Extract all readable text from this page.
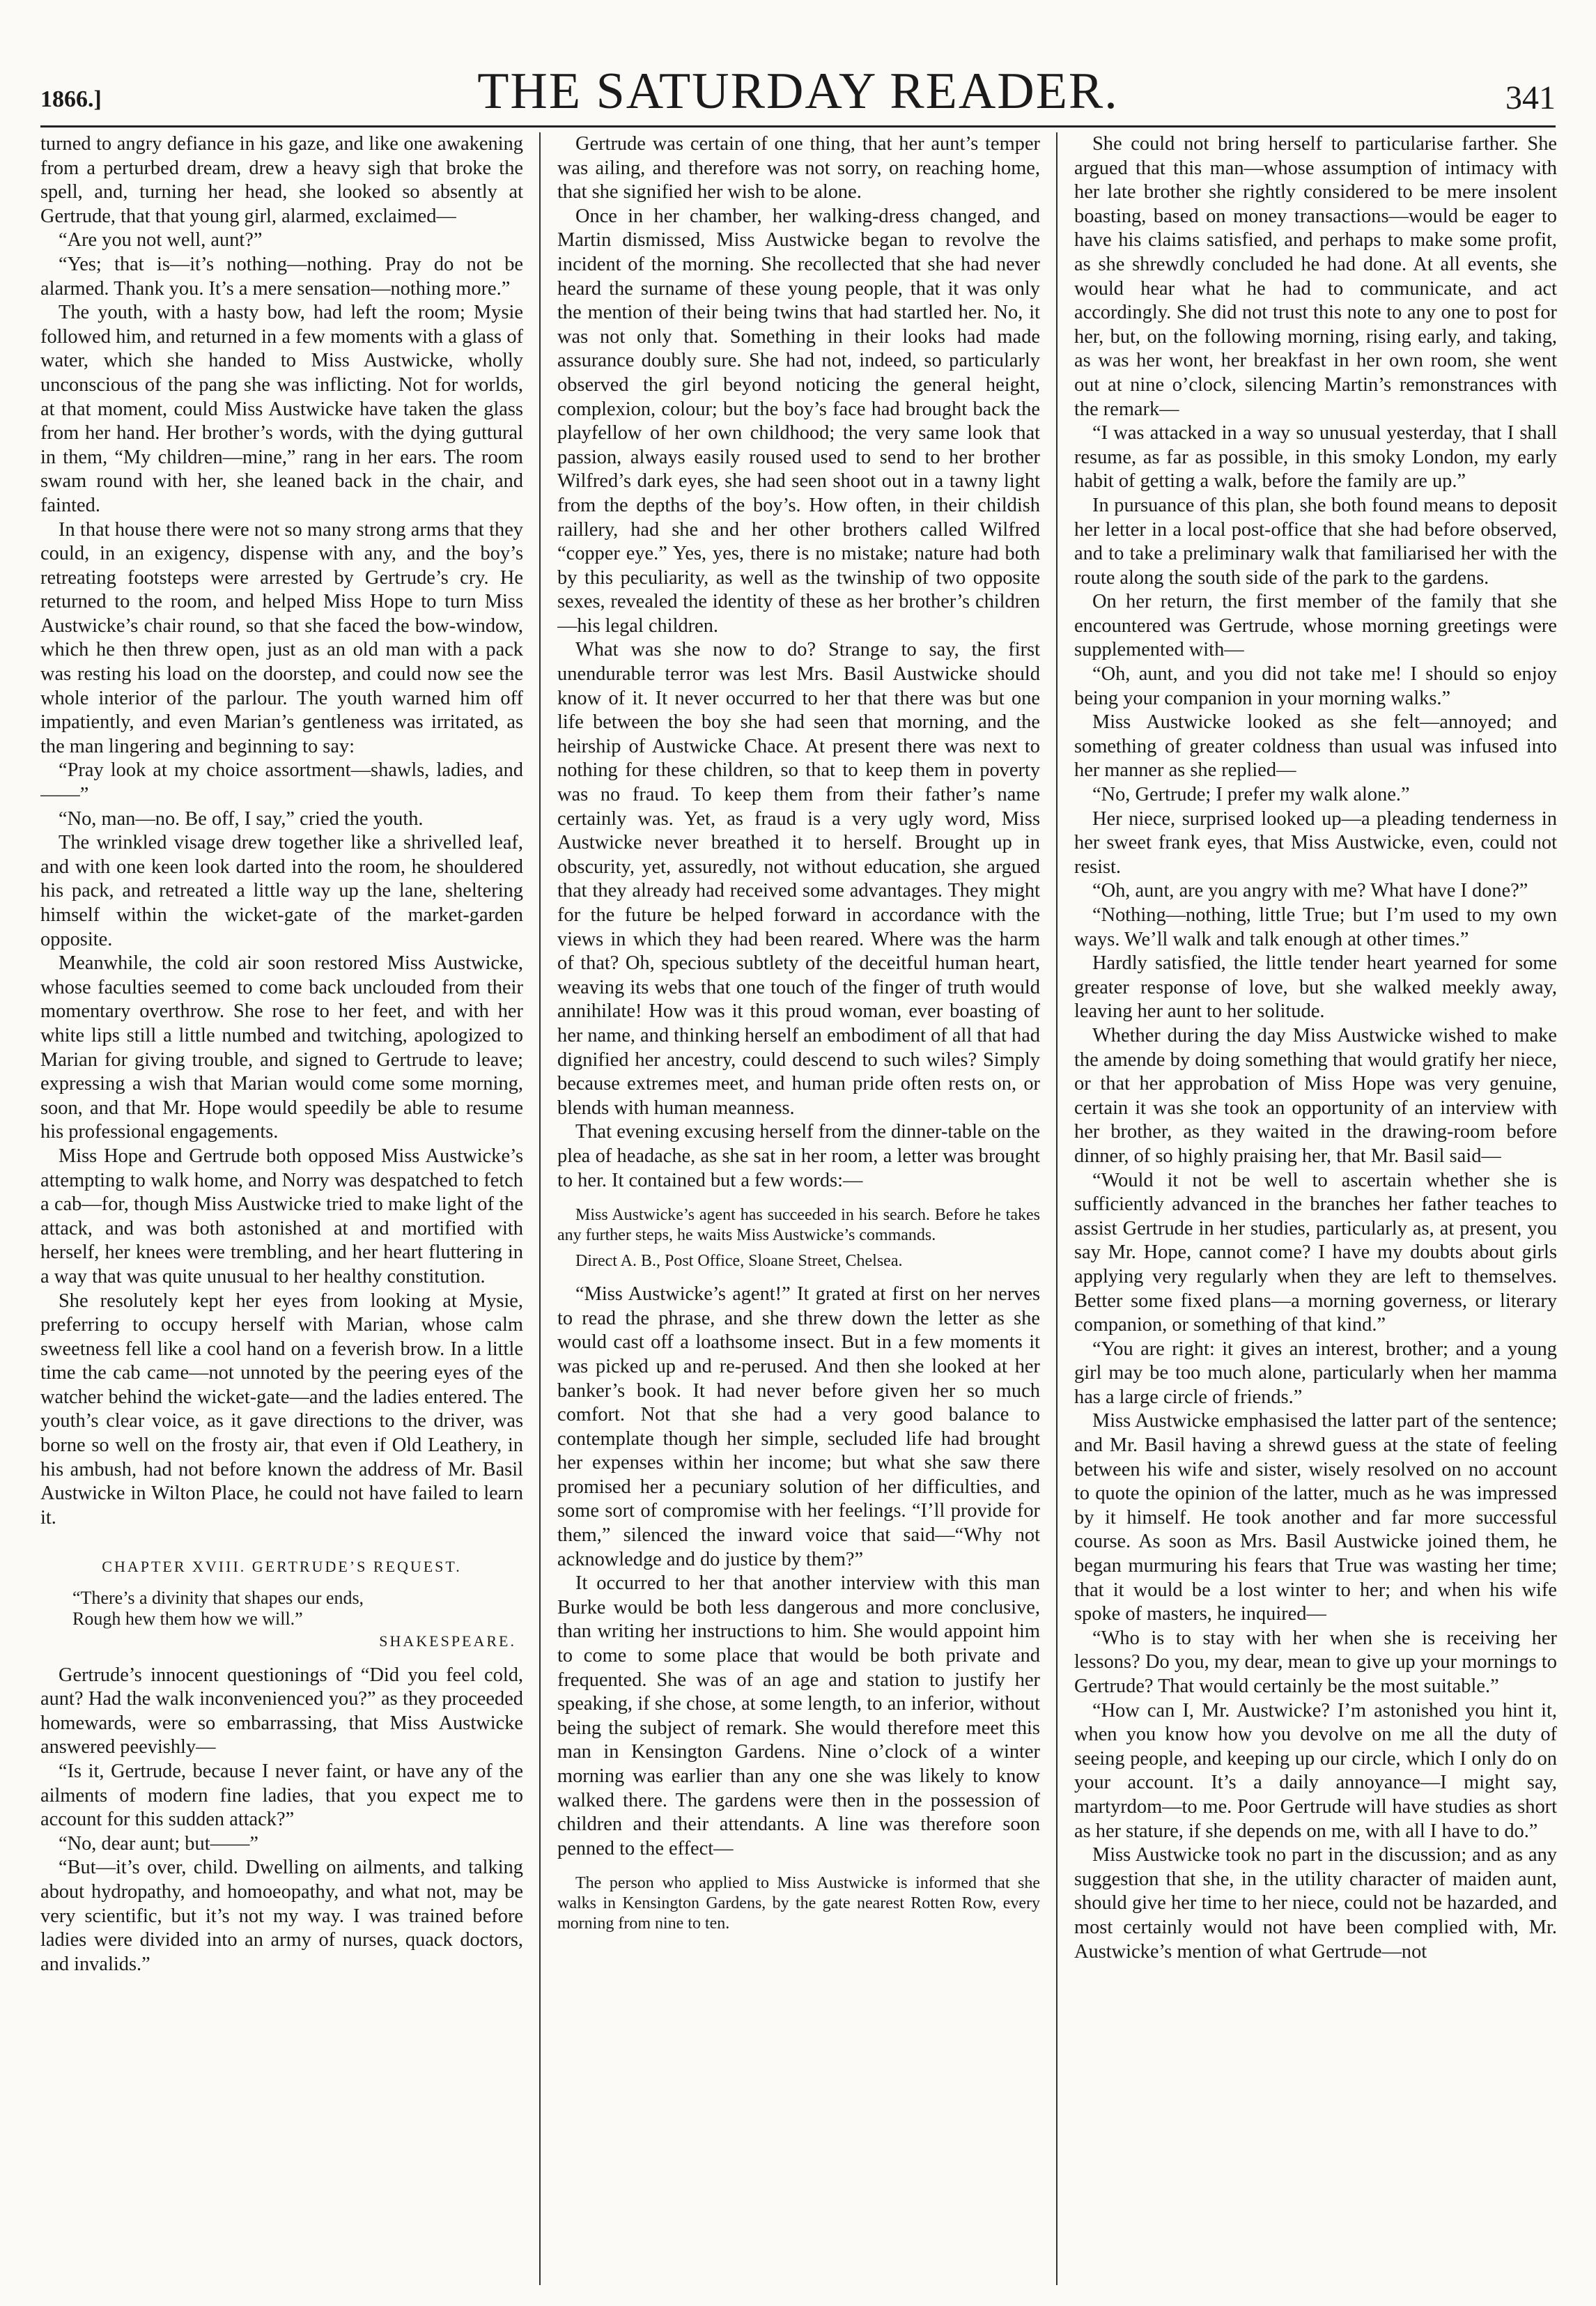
1866.]	THE SATURDAY READER.	341

turned to angry defiance in his gaze, and like one awakening from a perturbed dream, drew a heavy sigh that broke the spell, and, turning her head, she looked so absently at Gertrude, that that young girl, alarmed, exclaimed—

“Are you not well, aunt?”

“Yes; that is—it’s nothing—nothing. Pray do not be alarmed. Thank you. It’s a mere sensation—nothing more.”

The youth, with a hasty bow, had left the room; Mysie followed him, and returned in a few moments with a glass of water, which she handed to Miss Austwicke, wholly unconscious of the pang she was inflicting. Not for worlds, at that moment, could Miss Austwicke have taken the glass from her hand. Her brother’s words, with the dying guttural in them, “My children—mine,” rang in her ears. The room swam round with her, she leaned back in the chair, and fainted.

In that house there were not so many strong arms that they could, in an exigency, dispense with any, and the boy’s retreating footsteps were arrested by Gertrude’s cry. He returned to the room, and helped Miss Hope to turn Miss Austwicke’s chair round, so that she faced the bow-window, which he then threw open, just as an old man with a pack was resting his load on the doorstep, and could now see the whole interior of the parlour. The youth warned him off impatiently, and even Marian’s gentleness was irritated, as the man lingering and beginning to say:

“Pray look at my choice assortment—shawls, ladies, and——”

“No, man—no. Be off, I say,” cried the youth.

The wrinkled visage drew together like a shrivelled leaf, and with one keen look darted into the room, he shouldered his pack, and retreated a little way up the lane, sheltering himself within the wicket-gate of the market-garden opposite.

Meanwhile, the cold air soon restored Miss Austwicke, whose faculties seemed to come back unclouded from their momentary overthrow. She rose to her feet, and with her white lips still a little numbed and twitching, apologized to Marian for giving trouble, and signed to Gertrude to leave; expressing a wish that Marian would come some morning, soon, and that Mr. Hope would speedily be able to resume his professional engagements.

Miss Hope and Gertrude both opposed Miss Austwicke’s attempting to walk home, and Norry was despatched to fetch a cab—for, though Miss Austwicke tried to make light of the attack, and was both astonished at and mortified with herself, her knees were trembling, and her heart fluttering in a way that was quite unusual to her healthy constitution.

She resolutely kept her eyes from looking at Mysie, preferring to occupy herself with Marian, whose calm sweetness fell like a cool hand on a feverish brow. In a little time the cab came—not unnoted by the peering eyes of the watcher behind the wicket-gate—and the ladies entered. The youth’s clear voice, as it gave directions to the driver, was borne so well on the frosty air, that even if Old Leathery, in his ambush, had not before known the address of Mr. Basil Austwicke in Wilton Place, he could not have failed to learn it.

CHAPTER XVIII. GERTRUDE’S REQUEST.
“There’s a divinity that shapes our ends,
Rough hew them how we will.”
SHAKESPEARE.

Gertrude’s innocent questionings of “Did you feel cold, aunt? Had the walk inconvenienced you?” as they proceeded homewards, were so embarrassing, that Miss Austwicke answered peevishly—

“Is it, Gertrude, because I never faint, or have any of the ailments of modern fine ladies, that you expect me to account for this sudden attack?”

“No, dear aunt; but——”

“But—it’s over, child. Dwelling on ailments, and talking about hydropathy, and homoeopathy, and what not, may be very scientific, but it’s not my way. I was trained before ladies were divided into an army of nurses, quack doctors, and invalids.”

Gertrude was certain of one thing, that her aunt’s temper was ailing, and therefore was not sorry, on reaching home, that she signified her wish to be alone.

Once in her chamber, her walking-dress changed, and Martin dismissed, Miss Austwicke began to revolve the incident of the morning. She recollected that she had never heard the surname of these young people, that it was only the mention of their being twins that had startled her. No, it was not only that. Something in their looks had made assurance doubly sure. She had not, indeed, so particularly observed the girl beyond noticing the general height, complexion, colour; but the boy’s face had brought back the playfellow of her own childhood; the very same look that passion, always easily roused used to send to her brother Wilfred’s dark eyes, she had seen shoot out in a tawny light from the depths of the boy’s. How often, in their childish raillery, had she and her other brothers called Wilfred “copper eye.” Yes, yes, there is no mistake; nature had both by this peculiarity, as well as the twinship of two opposite sexes, revealed the identity of these as her brother’s children—his legal children.

What was she now to do? Strange to say, the first unendurable terror was lest Mrs. Basil Austwicke should know of it. It never occurred to her that there was but one life between the boy she had seen that morning, and the heirship of Austwicke Chace. At present there was next to nothing for these children, so that to keep them in poverty was no fraud. To keep them from their father’s name certainly was. Yet, as fraud is a very ugly word, Miss Austwicke never breathed it to herself. Brought up in obscurity, yet, assuredly, not without education, she argued that they already had received some advantages. They might for the future be helped forward in accordance with the views in which they had been reared. Where was the harm of that? Oh, specious subtlety of the deceitful human heart, weaving its webs that one touch of the finger of truth would annihilate! How was it this proud woman, ever boasting of her name, and thinking herself an embodiment of all that had dignified her ancestry, could descend to such wiles? Simply because extremes meet, and human pride often rests on, or blends with human meanness.

That evening excusing herself from the dinner-table on the plea of headache, as she sat in her room, a letter was brought to her. It contained but a few words:—

Miss Austwicke’s agent has succeeded in his search. Before he takes any further steps, he waits Miss Austwicke’s commands.
Direct A. B., Post Office, Sloane Street, Chelsea.

“Miss Austwicke’s agent!” It grated at first on her nerves to read the phrase, and she threw down the letter as she would cast off a loathsome insect. But in a few moments it was picked up and re-perused. And then she looked at her banker’s book. It had never before given her so much comfort. Not that she had a very good balance to contemplate though her simple, secluded life had brought her expenses within her income; but what she saw there promised her a pecuniary solution of her difficulties, and some sort of compromise with her feelings. “I’ll provide for them,” silenced the inward voice that said—“Why not acknowledge and do justice by them?”

It occurred to her that another interview with this man Burke would be both less dangerous and more conclusive, than writing her instructions to him. She would appoint him to come to some place that would be both private and frequented. She was of an age and station to justify her speaking, if she chose, at some length, to an inferior, without being the subject of remark. She would therefore meet this man in Kensington Gardens. Nine o’clock of a winter morning was earlier than any one she was likely to know walked there. The gardens were then in the possession of children and their attendants. A line was therefore soon penned to the effect—

The person who applied to Miss Austwicke is informed that she walks in Kensington Gardens, by the gate nearest Rotten Row, every morning from nine to ten.

She could not bring herself to particularise farther. She argued that this man—whose assumption of intimacy with her late brother she rightly considered to be mere insolent boasting, based on money transactions—would be eager to have his claims satisfied, and perhaps to make some profit, as she shrewdly concluded he had done. At all events, she would hear what he had to communicate, and act accordingly. She did not trust this note to any one to post for her, but, on the following morning, rising early, and taking, as was her wont, her breakfast in her own room, she went out at nine o’clock, silencing Martin’s remonstrances with the remark—

“I was attacked in a way so unusual yesterday, that I shall resume, as far as possible, in this smoky London, my early habit of getting a walk, before the family are up.”

In pursuance of this plan, she both found means to deposit her letter in a local post-office that she had before observed, and to take a preliminary walk that familiarised her with the route along the south side of the park to the gardens.

On her return, the first member of the family that she encountered was Gertrude, whose morning greetings were supplemented with—

“Oh, aunt, and you did not take me! I should so enjoy being your companion in your morning walks.”

Miss Austwicke looked as she felt—annoyed; and something of greater coldness than usual was infused into her manner as she replied—

“No, Gertrude; I prefer my walk alone.”

Her niece, surprised looked up—a pleading tenderness in her sweet frank eyes, that Miss Austwicke, even, could not resist.

“Oh, aunt, are you angry with me? What have I done?”

“Nothing—nothing, little True; but I’m used to my own ways. We’ll walk and talk enough at other times.”

Hardly satisfied, the little tender heart yearned for some greater response of love, but she walked meekly away, leaving her aunt to her solitude.

Whether during the day Miss Austwicke wished to make the amende by doing something that would gratify her niece, or that her approbation of Miss Hope was very genuine, certain it was she took an opportunity of an interview with her brother, as they waited in the drawing-room before dinner, of so highly praising her, that Mr. Basil said—

“Would it not be well to ascertain whether she is sufficiently advanced in the branches her father teaches to assist Gertrude in her studies, particularly as, at present, you say Mr. Hope, cannot come? I have my doubts about girls applying very regularly when they are left to themselves. Better some fixed plans—a morning governess, or literary companion, or something of that kind.”

“You are right: it gives an interest, brother; and a young girl may be too much alone, particularly when her mamma has a large circle of friends.”

Miss Austwicke emphasised the latter part of the sentence; and Mr. Basil having a shrewd guess at the state of feeling between his wife and sister, wisely resolved on no account to quote the opinion of the latter, much as he was impressed by it himself. He took another and far more successful course. As soon as Mrs. Basil Austwicke joined them, he began murmuring his fears that True was wasting her time; that it would be a lost winter to her; and when his wife spoke of masters, he inquired—

“Who is to stay with her when she is receiving her lessons? Do you, my dear, mean to give up your mornings to Gertrude? That would certainly be the most suitable.”

“How can I, Mr. Austwicke? I’m astonished you hint it, when you know how you devolve on me all the duty of seeing people, and keeping up our circle, which I only do on your account. It’s a daily annoyance—I might say, martyrdom—to me. Poor Gertrude will have studies as short as her stature, if she depends on me, with all I have to do.”

Miss Austwicke took no part in the discussion; and as any suggestion that she, in the utility character of maiden aunt, should give her time to her niece, could not be hazarded, and most certainly would not have been complied with, Mr. Austwicke’s mention of what Gertrude—not
